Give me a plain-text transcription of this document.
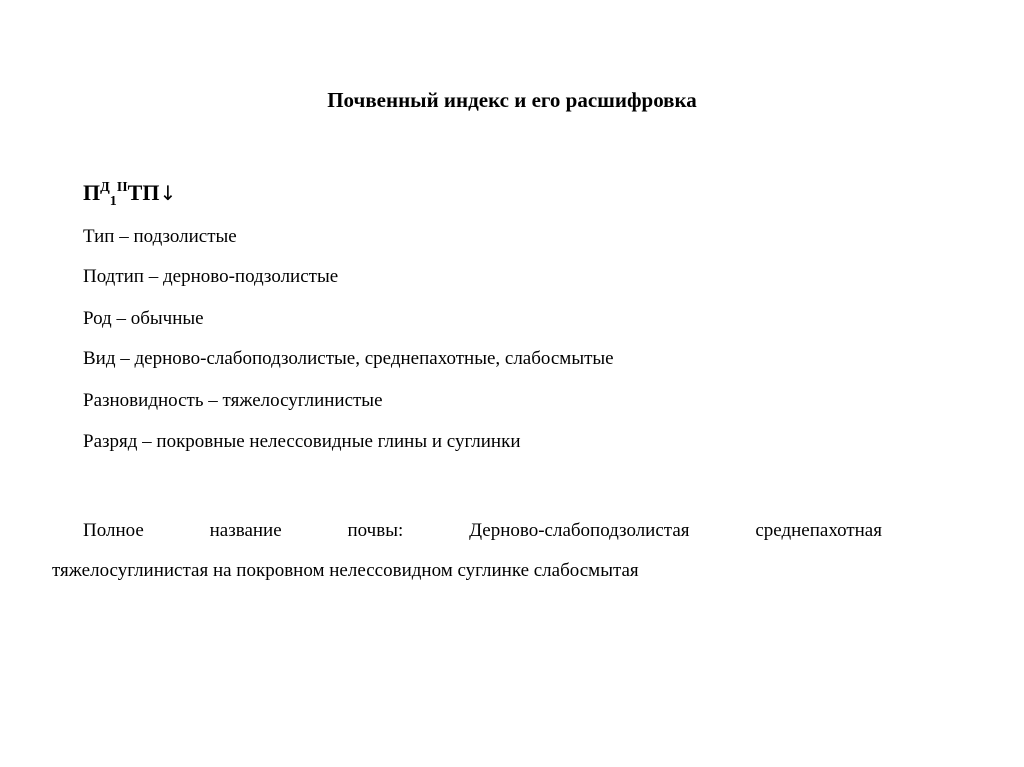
Почвенный индекс и его расшифровка
$П^Д_1^{II}ТП↓$
Тип – подзолистые
Подтип – дерново-подзолистые
Род – обычные
Вид – дерново-слабоподзолистые, среднепахотные, слабосмытые
Разновидность – тяжелосуглинистые
Разряд – покровные нелессовидные глины и суглинки
Полное	название	почвы:	Дерново-слабоподзолистая	среднепахотная
тяжелосуглинистая на покровном нелессовидном суглинке слабосмытая
